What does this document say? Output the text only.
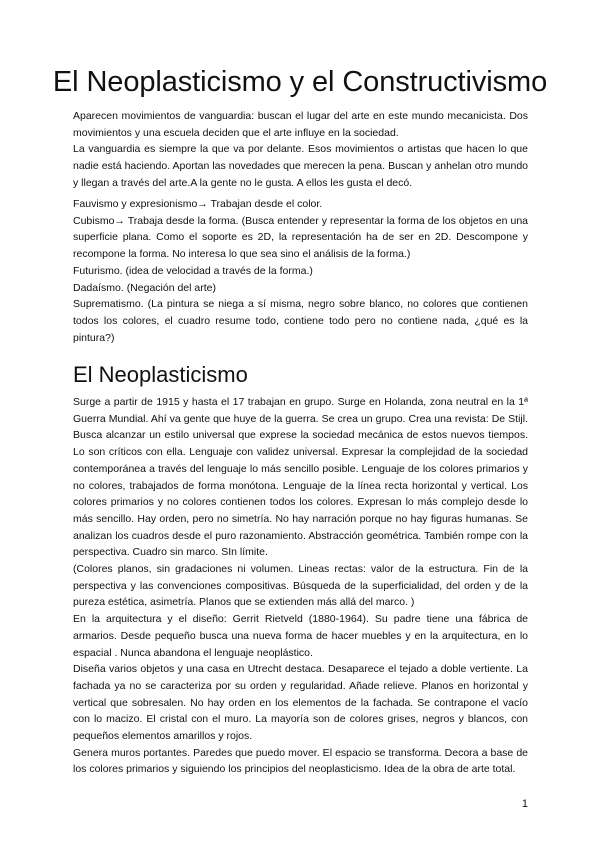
El Neoplasticismo y el Constructivismo

Aparecen movimientos de vanguardia: buscan el lugar del arte en este mundo mecanicista. Dos movimientos y una escuela deciden que el arte influye en la sociedad.

La vanguardia es siempre la que va por delante. Esos movimientos o artistas que hacen lo que nadie está haciendo. Aportan las novedades que merecen la pena. Buscan y anhelan otro mundo y llegan a través del arte.A la gente no le gusta. A ellos les gusta el decó.

Fauvismo y expresionismo→ Trabajan desde el color.

Cubismo→ Trabaja desde la forma. (Busca entender y representar la forma de los objetos en una superficie plana. Como el soporte es 2D, la representación ha de ser en 2D. Descompone y recompone la forma. No interesa lo que sea sino el análisis de la forma.)

Futurismo. (idea de velocidad a través de la forma.)

Dadaísmo. (Negación del arte)

Suprematismo. (La pintura se niega a sí misma, negro sobre blanco, no colores que contienen todos los colores, el cuadro resume todo, contiene todo pero no contiene nada, ¿qué es la pintura?)

El Neoplasticismo

Surge a partir de 1915 y hasta el 17 trabajan en grupo. Surge en Holanda, zona neutral en la 1ª Guerra Mundial. Ahí va gente que huye de la guerra. Se crea un grupo. Crea una revista: De Stijl. Busca alcanzar un estilo universal que exprese la sociedad mecánica de estos nuevos tiempos. Lo son críticos con ella. Lenguaje con validez universal. Expresar la complejidad de la sociedad contemporánea a través del lenguaje lo más sencillo posible. Lenguaje de los colores primarios y no colores, trabajados de forma monótona. Lenguaje de la línea recta horizontal y vertical. Los colores primarios y no colores contienen todos los colores. Expresan lo más complejo desde lo más sencillo. Hay orden, pero no simetría. No hay narración porque no hay figuras humanas. Se analizan los cuadros desde el puro razonamiento. Abstracción geométrica. También rompe con la perspectiva. Cuadro sin marco. SIn límite.

(Colores planos, sin gradaciones ni volumen. Lineas rectas: valor de la estructura. Fin de la perspectiva y las convenciones compositivas. Búsqueda de la superficialidad, del orden y de la pureza estética, asimetría. Planos que se extienden más allá del marco. )

En la arquitectura y el diseño: Gerrit Rietveld (1880-1964). Su padre tiene una fábrica de armarios. Desde pequeño busca una nueva forma de hacer muebles y en la arquitectura, en lo espacial . Nunca abandona el lenguaje neoplástico.

Diseña varios objetos y una casa en Utrecht destaca. Desaparece el tejado a doble vertiente. La fachada ya no se caracteriza por su orden y regularidad. Añade relieve. Planos en horizontal y vertical que sobresalen. No hay orden en los elementos de la fachada. Se contrapone el vacío con lo macizo. El cristal con el muro. La mayoría son de colores grises, negros y blancos, con pequeños elementos amarillos y rojos.

Genera muros portantes. Paredes que puedo mover. El espacio se transforma. Decora a base de los colores primarios y siguiendo los principios del neoplasticismo. Idea de la obra de arte total.

1
